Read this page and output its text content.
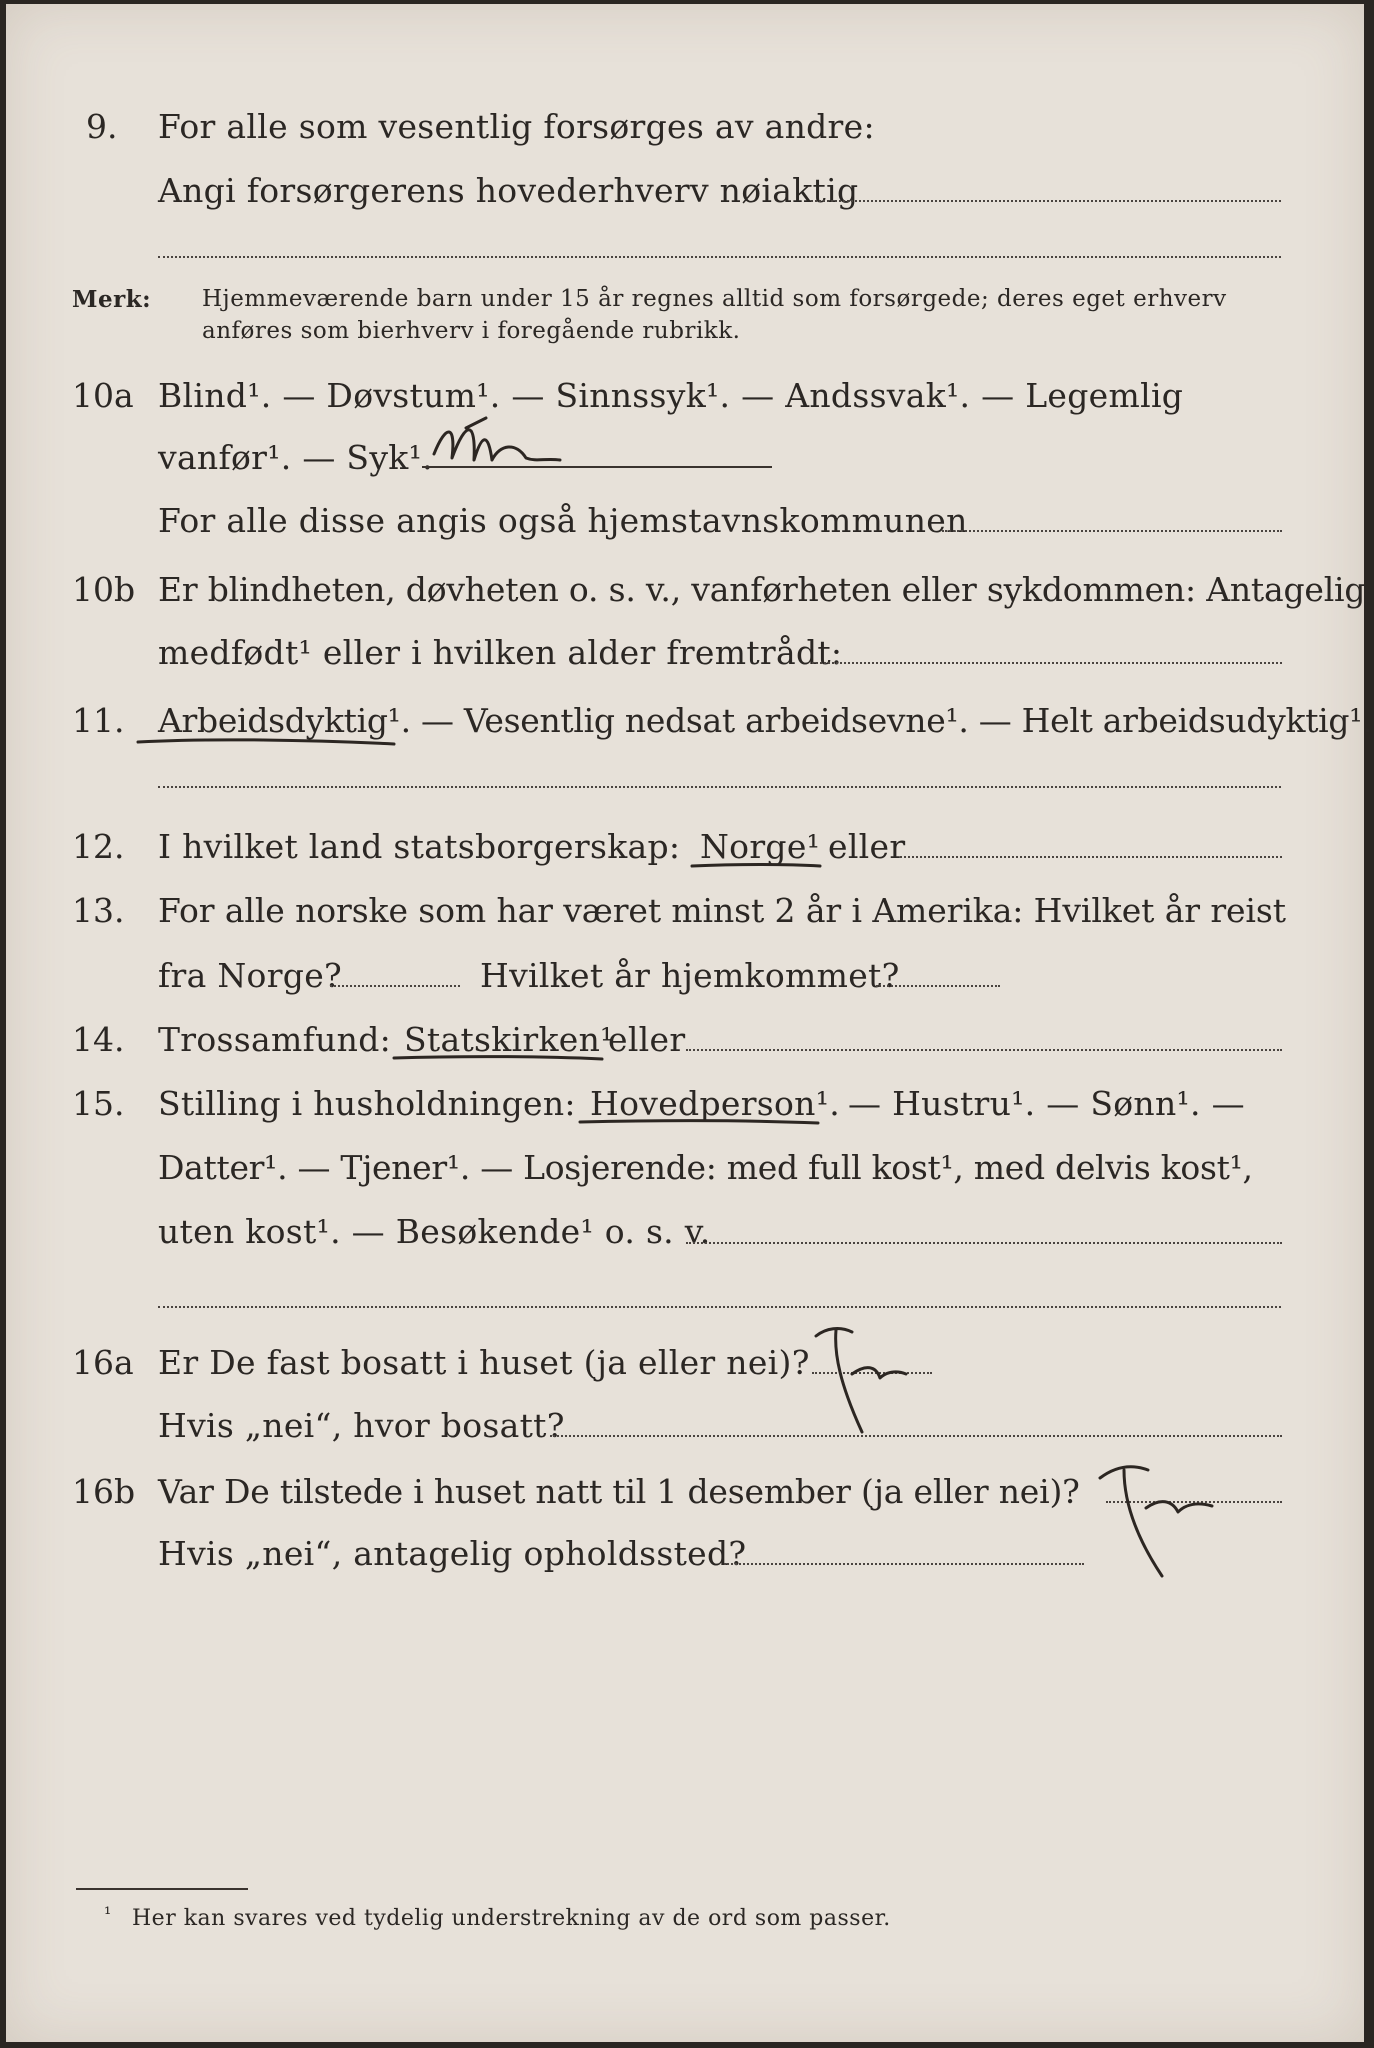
9. For alle som vesentlig forsørges av andre:
Angi forsørgerens hovederhverv nøiaktig
Merk: Hjemmeværende barn under 15 år regnes alltid som forsørgede; deres eget erhverv
anføres som bierhverv i foregående rubrikk.
10a Blind¹. — Døvstum¹. — Sinnssyk¹. — Andssvak¹. — Legemlig
vanfør¹. — Syk¹.
For alle disse angis også hjemstavnskommunen
10b Er blindheten, døvheten o. s. v., vanførheten eller sykdommen: Antagelig
medfødt¹ eller i hvilken alder fremtrådt:
11. Arbeidsdyktig¹. — Vesentlig nedsat arbeidsevne¹. — Helt arbeidsudyktig¹.
12. I hvilket land statsborgerskap: Norge¹ eller
13. For alle norske som har været minst 2 år i Amerika: Hvilket år reist
fra Norge?	Hvilket år hjemkommet?
14. Trossamfund: Statskirken¹
eller
15. Stilling i husholdningen: Hovedperson¹. — Hustru¹. — Sønn¹. —
Datter¹. — Tjener¹. — Losjerende: med full kost¹, med delvis kost¹,
uten kost¹. — Besøkende¹ o. s. v.
16a Er De fast bosatt i huset (ja eller nei)?
Hvis „nei“, hvor bosatt?
16b Var De tilstede i huset natt til 1 desember (ja eller nei)?
Hvis „nei“, antagelig opholdssted?
¹ Her kan svares ved tydelig understrekning av de ord som passer.
